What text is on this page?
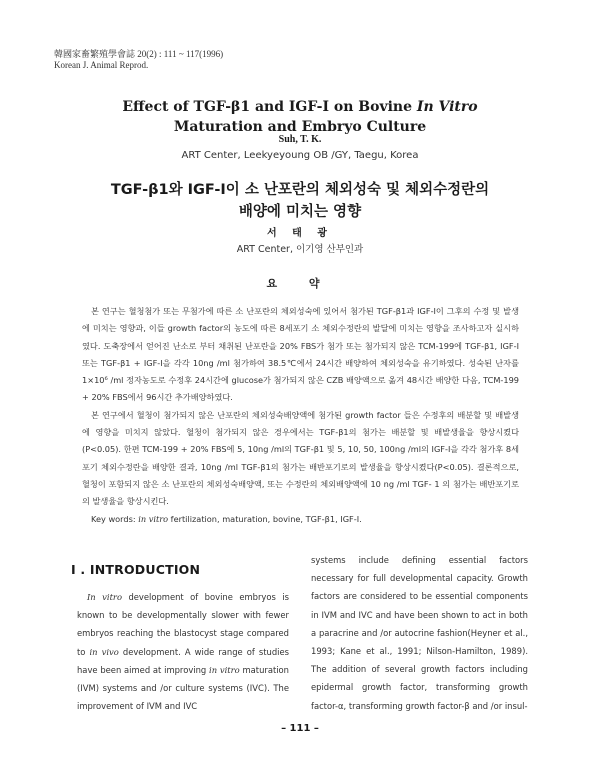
韓國家畜繁殖學會誌 20(2) : 111 ~ 117(1996)
Korean J. Animal Reprod.
Effect of TGF-β1 and IGF-I on Bovine In Vitro
Maturation and Embryo Culture
Suh, T. K.
ART Center, Leekyeyoung OB /GY, Taegu, Korea
TGF-β1와 IGF-I이 소 난포란의 체외성숙 및 체외수정란의
배양에 미치는 영향
서 태 광
ART Center, 이기영 산부인과
요 약

본 연구는 혈청첨가 또는 무첨가에 따른 소 난포란의 체외성숙에 있어서 첨가된 TGF-β1과 IGF-I이 그후의 수정 및 발생에 미치는 영향과, 이들 growth factor의 농도에 따른 8세포기 소 체외수정란의 발달에 미치는 영향을 조사하고자 실시하였다. 도축장에서 얻어진 난소로 부터 채취된 난포란을 20% FBS가 첨가 또는 첨가되지 않은 TCM-199에 TGF-β1, IGF-I 또는 TGF-β1 + IGF-I을 각각 10ng /ml 첨가하여 38.5℃에서 24시간 배양하여 체외성숙을 유기하였다. 성숙된 난자를 1×10⁶ /ml 정자농도로 수정후 24시간에 glucose가 첨가되지 않은 CZB 배양액으로 옮겨 48시간 배양한 다음, TCM-199 + 20% FBS에서 96시간 추가배양하였다.

본 연구에서 혈청이 첨가되지 않은 난포란의 체외성숙배양액에 첨가된 growth factor 들은 수정후의 배분할 및 배발생에 영향을 미치지 않았다. 혈청이 첨가되지 않은 경우에서는 TGF-β1의 첨가는 배분할 및 배발생율을 향상시켰다(P<0.05). 한편 TCM-199 + 20% FBS에 5, 10ng /ml의 TGF-β1 및 5, 10, 50, 100ng /ml의 IGF-I을 각각 첨가후 8세포기 체외수정란을 배양한 결과, 10ng /ml TGF-β1의 첨가는 배반포기로의 발생율을 향상시켰다(P<0.05). 결론적으로, 혈청이 포함되지 않은 소 난포란의 체외성숙배양액, 또는 수정란의 체외배양액에 10 ng /ml TGF- 1 의 첨가는 배반포기로의 발생율을 향상시킨다.

Key words: in vitro fertilization, maturation, bovine, TGF-β1, IGF-I.

I . INTRODUCTION

In vitro development of bovine embryos is known to be developmentally slower with fewer embryos reaching the blastocyst stage compared to in vivo development. A wide range of studies have been aimed at improving in vitro maturation (IVM) systems and /or culture systems (IVC). The improvement of IVM and IVC

systems include defining essential factors necessary for full developmental capacity. Growth factors are considered to be essential components in IVM and IVC and have been shown to act in both a paracrine and /or autocrine fashion(Heyner et al., 1993; Kane et al., 1991; Nilson-Hamilton, 1989). The addition of several growth factors including epidermal growth factor, transforming growth factor-α, transforming growth factor-β and /or insul-

– 111 –
